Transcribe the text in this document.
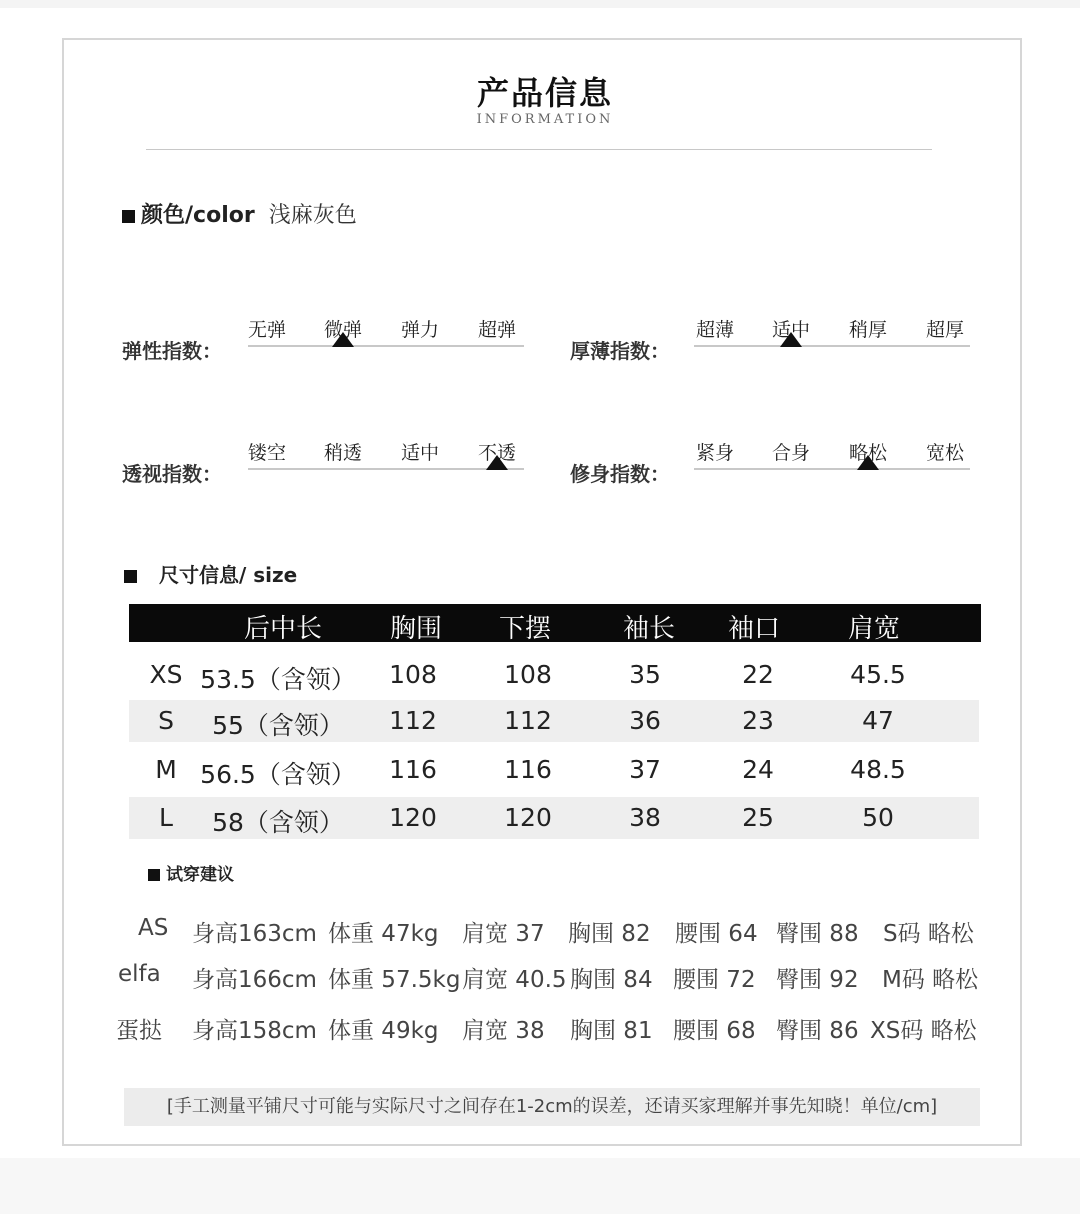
产品信息
INFORMATION
颜色/color 浅麻灰色
弹性指数：
无弹 微弹 弹力 超弹
厚薄指数：
超薄 适中 稍厚 超厚
透视指数：
镂空 稍透 适中 不透
修身指数：
紧身 合身 略松 宽松
尺寸信息/ size
后中长	胸围 下摆	袖长 袖口	肩宽
XS 53.5（含领） 108	108	35	22	45.5
S 55（含领） 112	112	36	23	47
M 56.5（含领） 116	116	37	24	48.5
L 58（含领） 120	120	38	25	50
试穿建议
AS 身高163cm 体重 47kg 肩宽 37 胸围 82 腰围 64 臀围 88 S码 略松
elfa 身高166cm 体重 57.5kg 肩宽 40.5 胸围 84 腰围 72 臀围 92 M码 略松
蛋挞 身高158cm 体重 49kg 肩宽 38 胸围 81 腰围 68 臀围 86 XS码 略松
[手工测量平铺尺寸可能与实际尺寸之间存在1-2cm的误差，还请买家理解并事先知晓！单位/cm]
